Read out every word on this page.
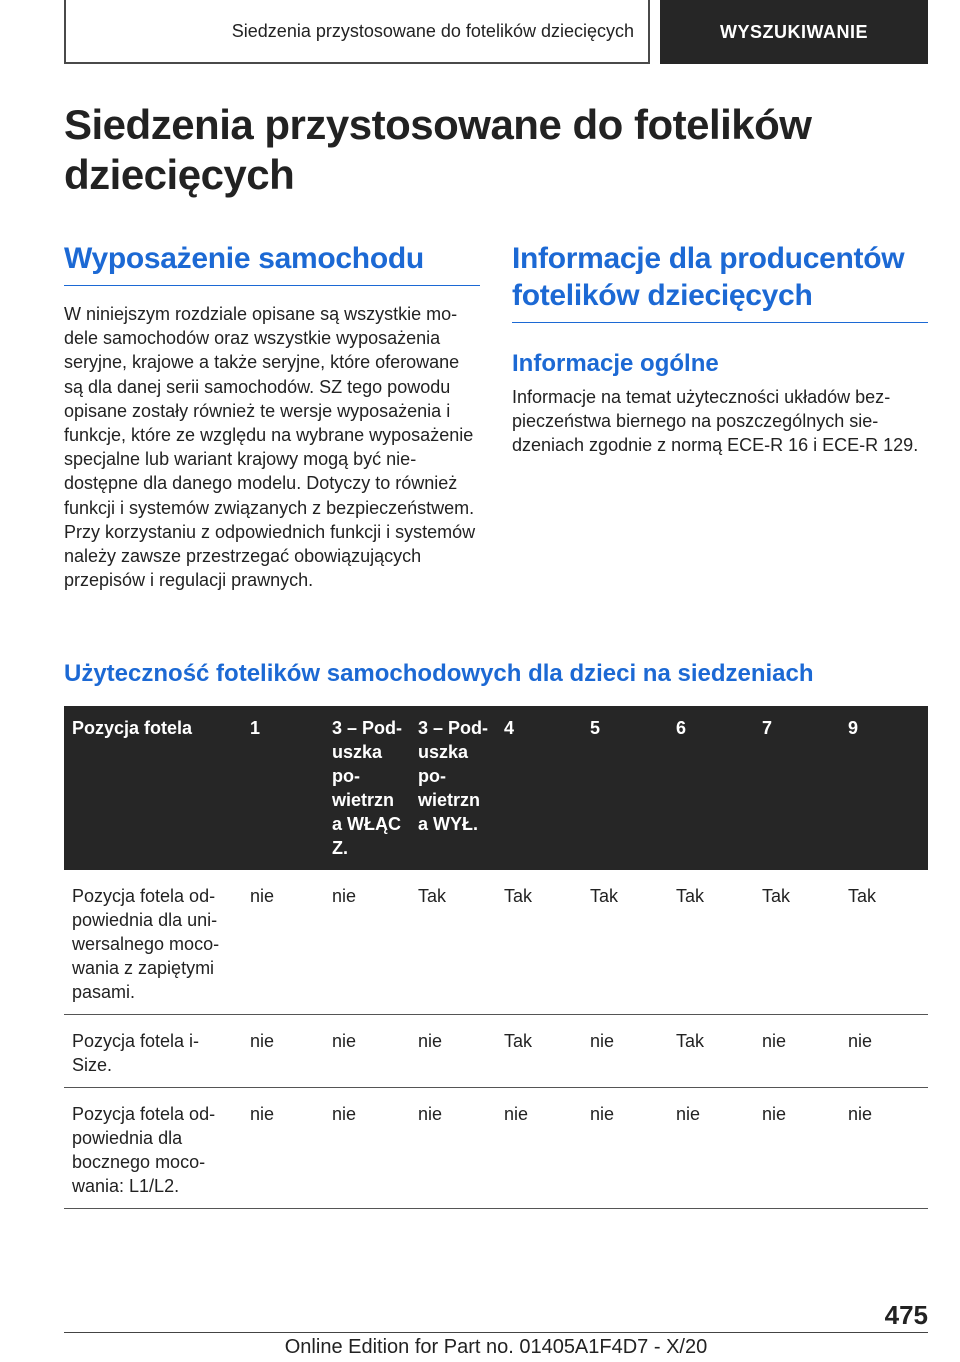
Siedzenia przystosowane do fotelików dziecięcych	WYSZUKIWANIE
Siedzenia przystosowane do fotelików dziecięcych
Wyposażenie samochodu

W niniejszym rozdziale opisane są wszystkie modele samochodów oraz wszystkie wyposażenia seryjne, krajowe a także seryjne, które oferowane są dla danej serii samochodów. SZ tego powodu opisane zostały również te wersje wyposażenia i funkcje, które ze względu na wybrane wyposażenie specjalne lub wariant krajowy mogą być niedostępne dla danego modelu. Dotyczy to również funkcji i systemów związanych z bezpieczeństwem. Przy korzystaniu z odpowiednich funkcji i systemów należy zawsze przestrzegać obowiązujących przepisów i regulacji prawnych.

Informacje dla producentów fotelików dziecięcych
Informacje ogólne

Informacje na temat użyteczności układów bezpieczeństwa biernego na poszczególnych siedzeniach zgodnie z normą ECE-R 16 i ECE-R 129.

Użyteczność fotelików samochodowych dla dzieci na siedzeniach
Pozycja fotela	1	3 – Poduszka powietrzn a WŁĄC Z.	3 – Poduszka powietrzn a WYŁ.	4	5	6	7	9
Pozycja fotela odpowiednia dla uniwersalnego mocowania z zapiętymi pasami.	nie	nie	Tak	Tak	Tak	Tak	Tak	Tak
Pozycja fotela i-Size.	nie	nie	nie	Tak	nie	Tak	nie	nie
Pozycja fotela odpowiednia dla bocznego mocowania: L1/L2.	nie	nie	nie	nie	nie	nie	nie	nie
475
Online Edition for Part no. 01405A1F4D7 - X/20
